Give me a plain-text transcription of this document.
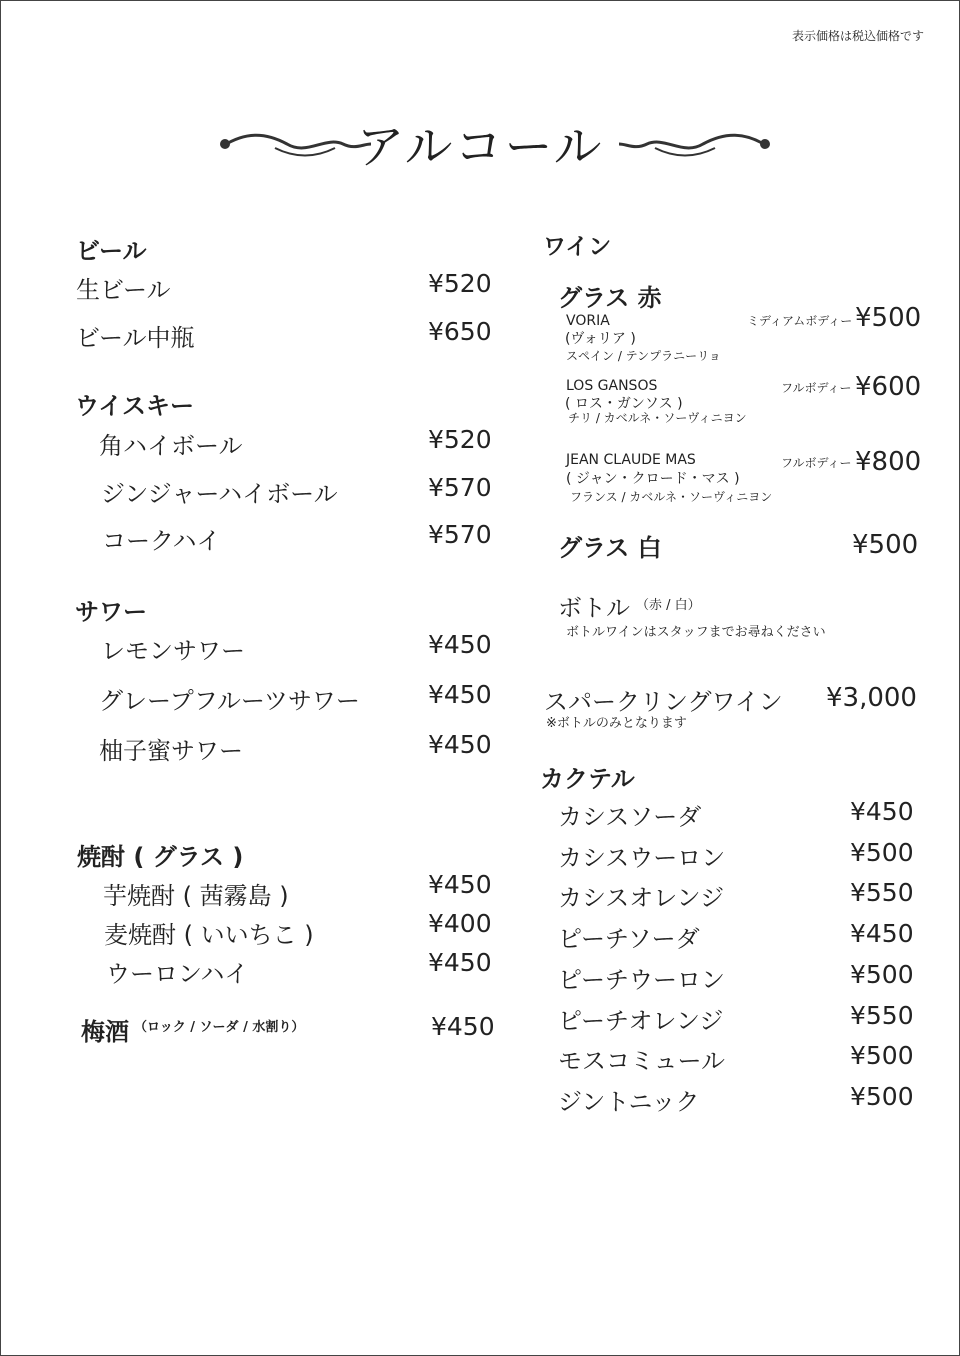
表示価格は税込価格です
アルコール
ビール
生ビール	¥520
ビール中瓶	¥650
ウイスキー
角ハイボール	¥520
ジンジャーハイボール	¥570
コークハイ	¥570
サワー
レモンサワー	¥450
グレープフルーツサワー	¥450
柚子蜜サワー	¥450
焼酎 ( グラス )
芋焼酎 ( 茜霧島 )	¥450
麦焼酎 ( いいちこ )	¥400
ウーロンハイ	¥450
梅酒 （ロック / ソーダ / 水割り）	¥450
ワイン
グラス 赤
VORIA
(ヴォリア )
スペイン / テンプラニーリョ
ミディアムボディー ¥500
LOS GANSOS
( ロス・ガンソス )
チリ / カベルネ・ソーヴィニヨン
フルボディー ¥600
JEAN CLAUDE MAS
( ジャン・クロード・マス )
フランス / カベルネ・ソーヴィニヨン
フルボディー ¥800
グラス 白	¥500
ボトル （赤 / 白）
ボトルワインはスタッフまでお尋ねください
スパークリングワイン ¥3,000
※ボトルのみとなります
カクテル
カシスソーダ	¥450
カシスウーロン	¥500
カシスオレンジ	¥550
ピーチソーダ	¥450
ピーチウーロン	¥500
ピーチオレンジ	¥550
モスコミュール	¥500
ジントニック	¥500
